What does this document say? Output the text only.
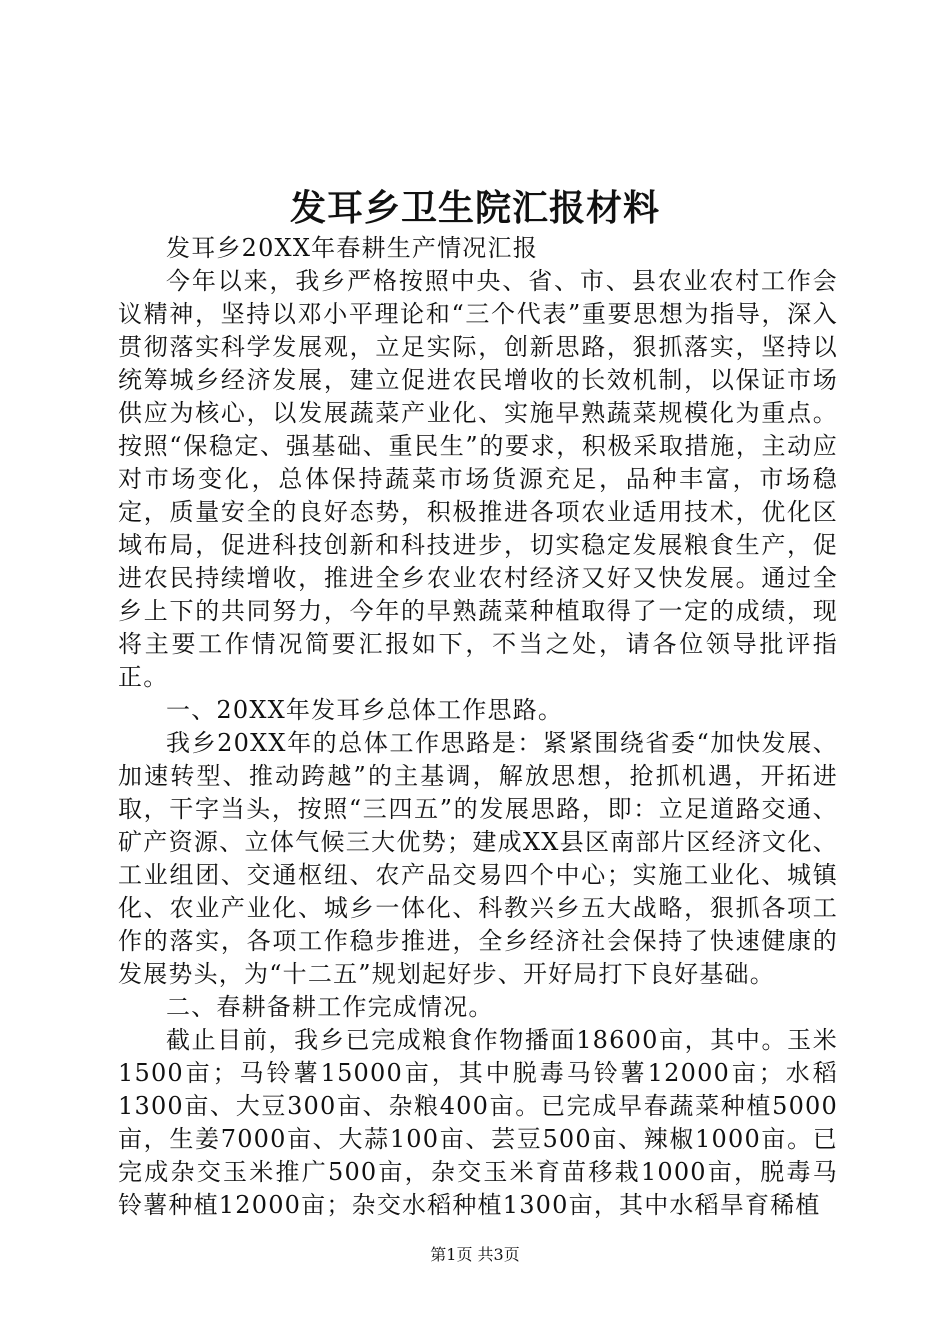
发耳乡卫生院汇报材料

发耳乡20XX年春耕生产情况汇报

今年以来，我乡严格按照中央、省、市、县农业农村工作会议精神，坚持以邓小平理论和“三个代表”重要思想为指导，深入贯彻落实科学发展观，立足实际，创新思路，狠抓落实，坚持以统筹城乡经济发展，建立促进农民增收的长效机制，以保证市场供应为核心，以发展蔬菜产业化、实施早熟蔬菜规模化为重点。按照“保稳定、强基础、重民生”的要求，积极采取措施，主动应对市场变化，总体保持蔬菜市场货源充足，品种丰富，市场稳定，质量安全的良好态势，积极推进各项农业适用技术，优化区域布局，促进科技创新和科技进步，切实稳定发展粮食生产，促进农民持续增收，推进全乡农业农村经济又好又快发展。通过全乡上下的共同努力，今年的早熟蔬菜种植取得了一定的成绩，现将主要工作情况简要汇报如下，不当之处，请各位领导批评指正。

一、20XX年发耳乡总体工作思路。

我乡20XX年的总体工作思路是：紧紧围绕省委“加快发展、加速转型、推动跨越”的主基调，解放思想，抢抓机遇，开拓进取，干字当头，按照“三四五”的发展思路，即：立足道路交通、矿产资源、立体气候三大优势；建成XX县区南部片区经济文化、工业组团、交通枢纽、农产品交易四个中心；实施工业化、城镇化、农业产业化、城乡一体化、科教兴乡五大战略，狠抓各项工作的落实，各项工作稳步推进，全乡经济社会保持了快速健康的发展势头，为“十二五”规划起好步、开好局打下良好基础。

二、春耕备耕工作完成情况。

截止目前，我乡已完成粮食作物播面18600亩，其中。玉米1500亩；马铃薯15000亩，其中脱毒马铃薯12000亩；水稻1300亩、大豆300亩、杂粮400亩。已完成早春蔬菜种植5000亩，生姜7000亩、大蒜100亩、芸豆500亩、辣椒1000亩。已完成杂交玉米推广500亩，杂交玉米育苗移栽1000亩，脱毒马铃薯种植12000亩；杂交水稻种植1300亩，其中水稻旱育稀植

第1页 共3页
